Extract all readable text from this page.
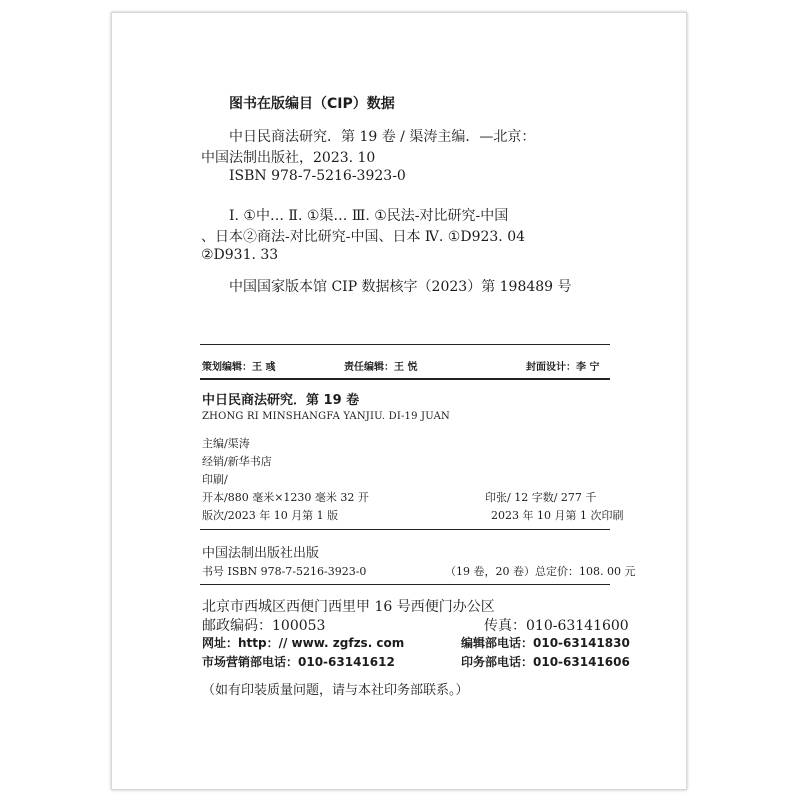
图书在版编目（CIP）数据
中日民商法研究．第 19 卷 / 渠涛主编．—北京：
中国法制出版社，2023. 10
ISBN 978-7-5216-3923-0
Ⅰ. ①中… Ⅱ. ①渠… Ⅲ. ①民法-对比研究-中国
、日本②商法-对比研究-中国、日本 Ⅳ. ①D923. 04
②D931. 33
中国国家版本馆 CIP 数据核字（2023）第 198489 号
策划编辑：王 彧	责任编辑：王 悦	封面设计：李 宁
中日民商法研究．第 19 卷
ZHONG RI MINSHANGFA YANJIU. DI-19 JUAN
主编/渠涛
经销/新华书店
印刷/
开本/880 毫米×1230 毫米 32 开	印张/ 12 字数/ 277 千
版次/2023 年 10 月第 1 版	2023 年 10 月第 1 次印刷
中国法制出版社出版
书号 ISBN 978-7-5216-3923-0	（19 卷，20 卷）总定价：108. 00 元
北京市西城区西便门西里甲 16 号西便门办公区
邮政编码：100053	传真：010-63141600
网址：http：// www. zgfzs. com	编辑部电话：010-63141830
市场营销部电话：010-63141612	印务部电话：010-63141606
（如有印装质量问题，请与本社印务部联系。）
